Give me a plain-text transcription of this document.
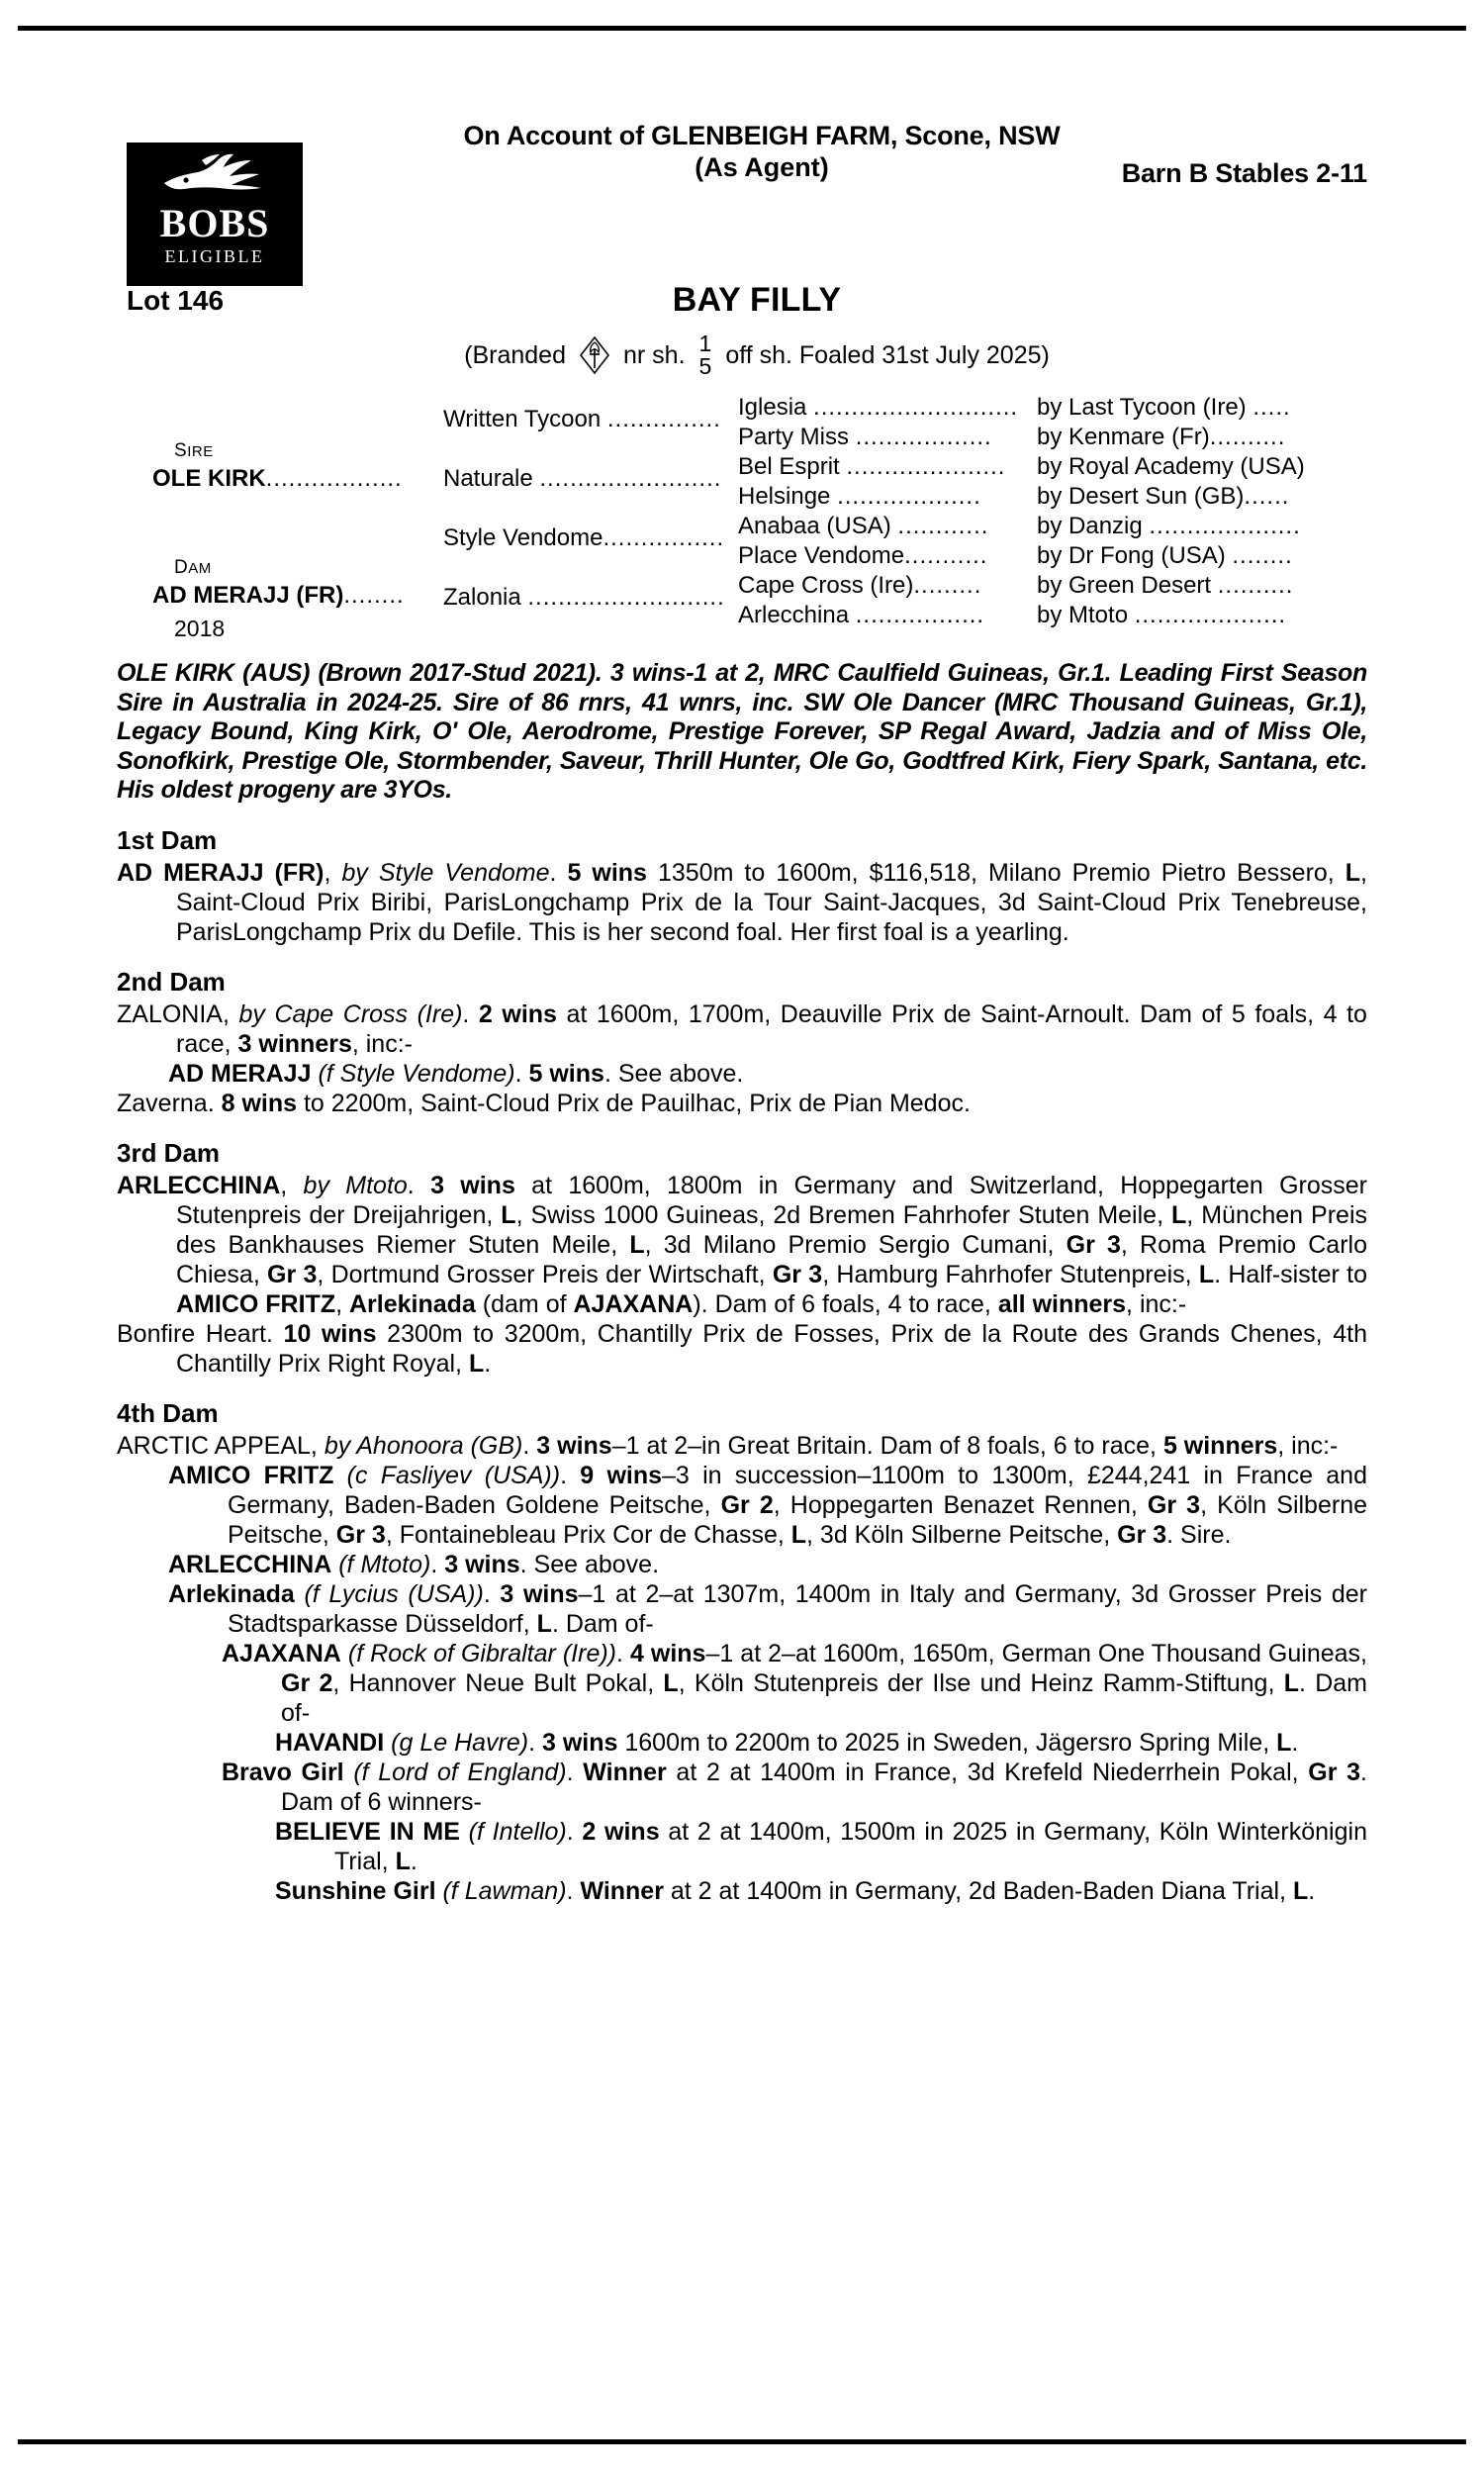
BOBS
ELIGIBLE
Barn B Stables 2-11
On Account of GLENBEIGH FARM, Scone, NSW
(As Agent)
Lot 146	BAY FILLY
(Branded nr sh. 1
5 off sh. Foaled 31st July 2025)
SIRE
OLE KIRK..................
DAM
AD MERAJJ (FR)........
2018
Written Tycoon ...............
Naturale ........................
Style Vendome................
Zalonia ..........................
Iglesia ...........................
Party Miss ..................
Bel Esprit .....................
Helsinge ...................
Anabaa (USA) ............
Place Vendome...........
Cape Cross (Ire).........
Arlecchina .................
by Last Tycoon (Ire) .....
by Kenmare (Fr)..........
by Royal Academy (USA)
by Desert Sun (GB)......
by Danzig ....................
by Dr Fong (USA) ........
by Green Desert ..........
by Mtoto ....................
OLE KIRK (AUS) (Brown 2017-Stud 2021). 3 wins-1 at 2, MRC Caulfield Guineas, Gr.1. Leading First Season Sire in Australia in 2024-25. Sire of 86 rnrs, 41 wnrs, inc. SW Ole Dancer (MRC Thousand Guineas, Gr.1), Legacy Bound, King Kirk, O' Ole, Aerodrome, Prestige Forever, SP Regal Award, Jadzia and of Miss Ole, Sonofkirk, Prestige Ole, Stormbender, Saveur, Thrill Hunter, Ole Go, Godtfred Kirk, Fiery Spark, Santana, etc. His oldest progeny are 3YOs.
1st Dam
AD MERAJJ (FR), by Style Vendome. 5 wins 1350m to 1600m, $116,518, Milano Premio Pietro Bessero, L, Saint-Cloud Prix Biribi, ParisLongchamp Prix de la Tour Saint-Jacques, 3d Saint-Cloud Prix Tenebreuse, ParisLongchamp Prix du Defile. This is her second foal. Her first foal is a yearling.
2nd Dam
ZALONIA, by Cape Cross (Ire). 2 wins at 1600m, 1700m, Deauville Prix de Saint-Arnoult. Dam of 5 foals, 4 to race, 3 winners, inc:-
AD MERAJJ (f Style Vendome). 5 wins. See above.
Zaverna. 8 wins to 2200m, Saint-Cloud Prix de Pauilhac, Prix de Pian Medoc.
3rd Dam
ARLECCHINA, by Mtoto. 3 wins at 1600m, 1800m in Germany and Switzerland, Hoppegarten Grosser Stutenpreis der Dreijahrigen, L, Swiss 1000 Guineas, 2d Bremen Fahrhofer Stuten Meile, L, München Preis des Bankhauses Riemer Stuten Meile, L, 3d Milano Premio Sergio Cumani, Gr 3, Roma Premio Carlo Chiesa, Gr 3, Dortmund Grosser Preis der Wirtschaft, Gr 3, Hamburg Fahrhofer Stutenpreis, L. Half-sister to AMICO FRITZ, Arlekinada (dam of AJAXANA). Dam of 6 foals, 4 to race, all winners, inc:-
Bonfire Heart. 10 wins 2300m to 3200m, Chantilly Prix de Fosses, Prix de la Route des Grands Chenes, 4th Chantilly Prix Right Royal, L.
4th Dam
ARCTIC APPEAL, by Ahonoora (GB). 3 wins–1 at 2–in Great Britain. Dam of 8 foals, 6 to race, 5 winners, inc:-
AMICO FRITZ (c Fasliyev (USA)). 9 wins–3 in succession–1100m to 1300m, £244,241 in France and Germany, Baden-Baden Goldene Peitsche, Gr 2, Hoppegarten Benazet Rennen, Gr 3, Köln Silberne Peitsche, Gr 3, Fontainebleau Prix Cor de Chasse, L, 3d Köln Silberne Peitsche, Gr 3. Sire.
ARLECCHINA (f Mtoto). 3 wins. See above.
Arlekinada (f Lycius (USA)). 3 wins–1 at 2–at 1307m, 1400m in Italy and Germany, 3d Grosser Preis der Stadtsparkasse Düsseldorf, L. Dam of-
AJAXANA (f Rock of Gibraltar (Ire)). 4 wins–1 at 2–at 1600m, 1650m, German One Thousand Guineas, Gr 2, Hannover Neue Bult Pokal, L, Köln Stutenpreis der Ilse und Heinz Ramm-Stiftung, L. Dam of-
HAVANDI (g Le Havre). 3 wins 1600m to 2200m to 2025 in Sweden, Jägersro Spring Mile, L.
Bravo Girl (f Lord of England). Winner at 2 at 1400m in France, 3d Krefeld Niederrhein Pokal, Gr 3. Dam of 6 winners-
BELIEVE IN ME (f Intello). 2 wins at 2 at 1400m, 1500m in 2025 in Germany, Köln Winterkönigin Trial, L.
Sunshine Girl (f Lawman). Winner at 2 at 1400m in Germany, 2d Baden-Baden Diana Trial, L.
